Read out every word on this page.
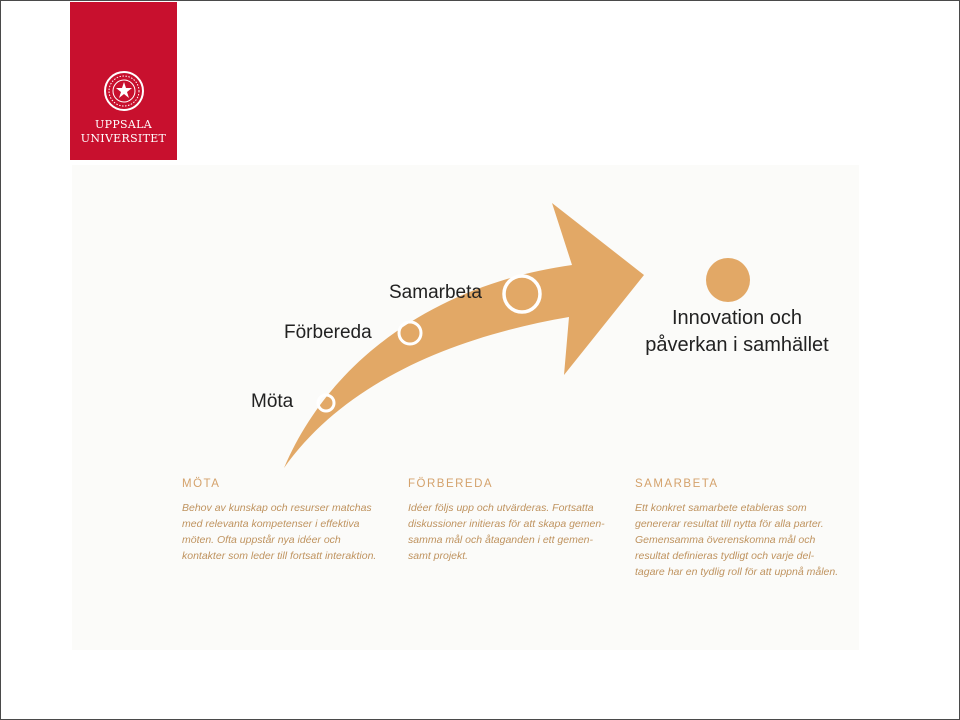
UPPSALA
UNIVERSITET
Möta
Förbereda
Samarbeta
Innovation och
påverkan i samhället
MÖTA
Behov av kunskap och resurser matchas
med relevanta kompetenser i effektiva
möten. Ofta uppstår nya idéer och
kontakter som leder till fortsatt interaktion.
FÖRBEREDA
Idéer följs upp och utvärderas. Fortsatta
diskussioner initieras för att skapa gemen-
samma mål och åtaganden i ett gemen-
samt projekt.
SAMARBETA
Ett konkret samarbete etableras som
genererar resultat till nytta för alla parter.
Gemensamma överenskomna mål och
resultat definieras tydligt och varje del-
tagare har en tydlig roll för att uppnå målen.
